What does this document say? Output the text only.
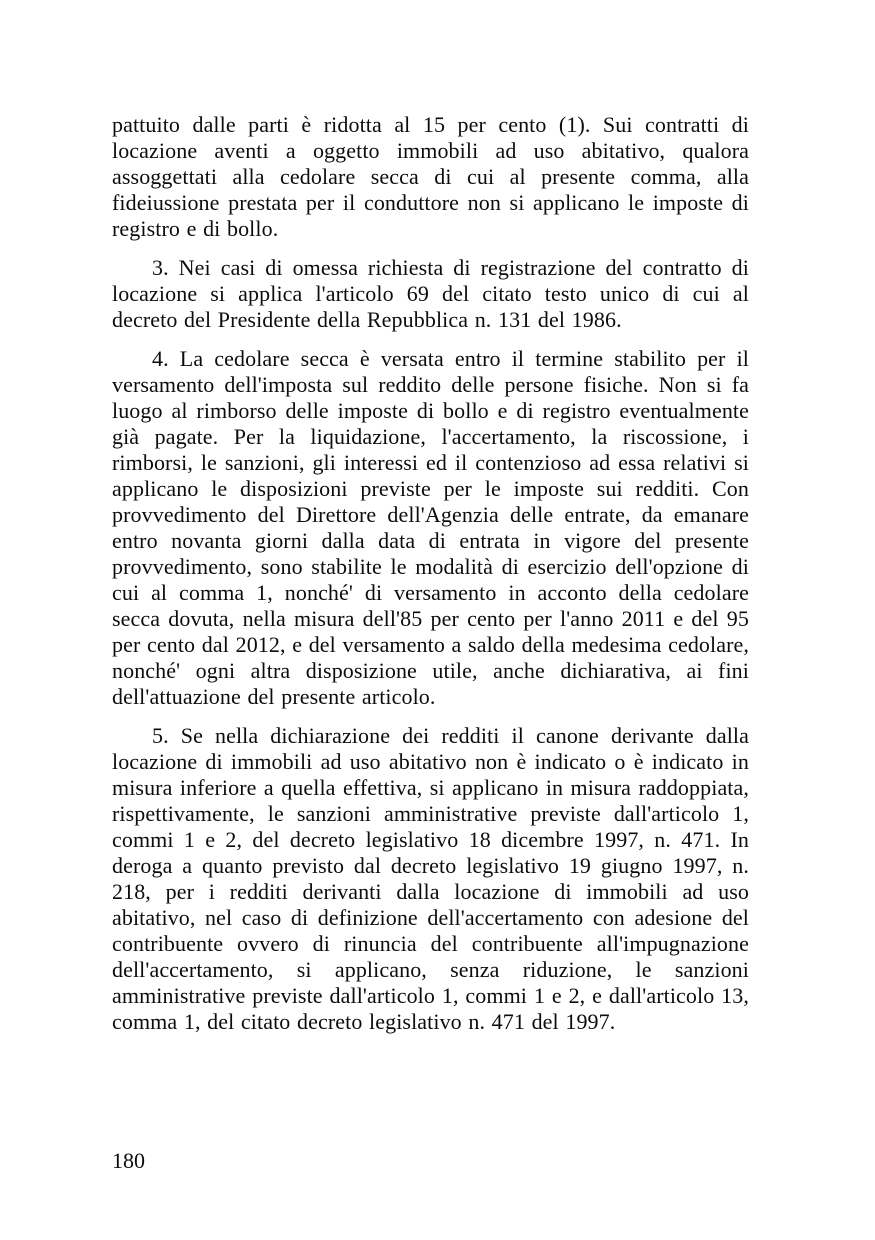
pattuito dalle parti è ridotta al 15 per cento (1). Sui contratti di locazione aventi a oggetto immobili ad uso abitativo, qualora assoggettati alla cedolare secca di cui al presente comma, alla fideiussione prestata per il conduttore non si applicano le imposte di registro e di bollo.

3. Nei casi di omessa richiesta di registrazione del contratto di locazione si applica l'articolo 69 del citato testo unico di cui al decreto del Presidente della Repubblica n. 131 del 1986.

4. La cedolare secca è versata entro il termine stabilito per il versamento dell'imposta sul reddito delle persone fisiche. Non si fa luogo al rimborso delle imposte di bollo e di registro eventualmente già pagate. Per la liquidazione, l'accertamento, la riscossione, i rimborsi, le sanzioni, gli interessi ed il contenzioso ad essa relativi si applicano le disposizioni previste per le imposte sui redditi. Con provvedimento del Direttore dell'Agenzia delle entrate, da emanare entro novanta giorni dalla data di entrata in vigore del presente provvedimento, sono stabilite le modalità di esercizio dell'opzione di cui al comma 1, nonché' di versamento in acconto della cedolare secca dovuta, nella misura dell'85 per cento per l'anno 2011 e del 95 per cento dal 2012, e del versamento a saldo della medesima cedolare, nonché' ogni altra disposizione utile, anche dichiarativa, ai fini dell'attuazione del presente articolo.

5. Se nella dichiarazione dei redditi il canone derivante dalla locazione di immobili ad uso abitativo non è indicato o è indicato in misura inferiore a quella effettiva, si applicano in misura raddoppiata, rispettivamente, le sanzioni amministrative previste dall'articolo 1, commi 1 e 2, del decreto legislativo 18 dicembre 1997, n. 471. In deroga a quanto previsto dal decreto legislativo 19 giugno 1997, n. 218, per i redditi derivanti dalla locazione di immobili ad uso abitativo, nel caso di definizione dell'accertamento con adesione del contribuente ovvero di rinuncia del contribuente all'impugnazione dell'accertamento, si applicano, senza riduzione, le sanzioni amministrative previste dall'articolo 1, commi 1 e 2, e dall'articolo 13, comma 1, del citato decreto legislativo n. 471 del 1997.

180
